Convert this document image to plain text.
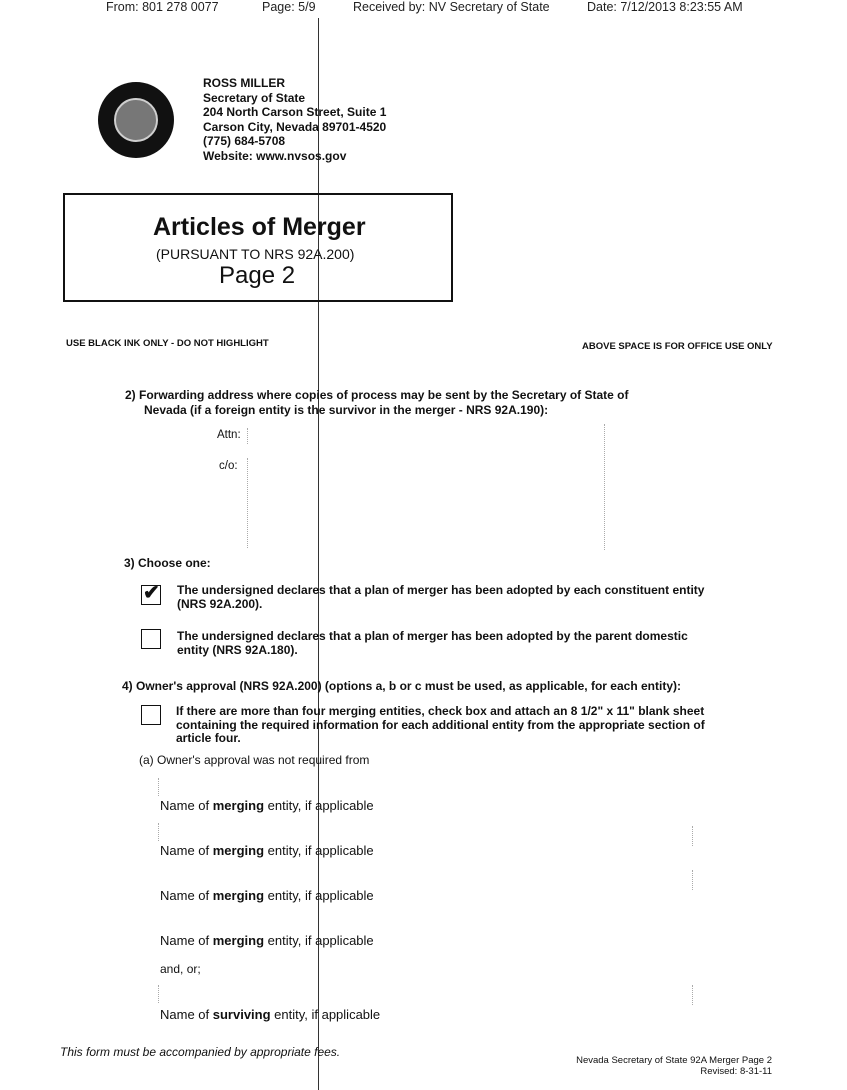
From: 801 278 0077	Page: 5/9	Received by: NV Secretary of State	Date: 7/12/2013 8:23:55 AM
ROSS MILLER
Secretary of State
204 North Carson Street, Suite 1
Carson City, Nevada 89701-4520
(775) 684-5708
Website: www.nvsos.gov
Articles of Merger
(PURSUANT TO NRS 92A.200)
Page 2
USE BLACK INK ONLY - DO NOT HIGHLIGHT	ABOVE SPACE IS FOR OFFICE USE ONLY
2) Forwarding address where copies of process may be sent by the Secretary of State of
Nevada (if a foreign entity is the survivor in the merger - NRS 92A.190):
Attn:
c/o:
3) Choose one:
✔ The undersigned declares that a plan of merger has been adopted by each constituent entity
(NRS 92A.200).
The undersigned declares that a plan of merger has been adopted by the parent domestic
entity (NRS 92A.180).
4) Owner's approval (NRS 92A.200) (options a, b or c must be used, as applicable, for each entity):
If there are more than four merging entities, check box and attach an 8 1/2" x 11" blank sheet
containing the required information for each additional entity from the appropriate section of
article four.
(a) Owner's approval was not required from
Name of merging entity, if applicable
Name of merging entity, if applicable
Name of merging entity, if applicable
Name of merging entity, if applicable
and, or;
Name of surviving entity, if applicable
This form must be accompanied by appropriate fees.
Nevada Secretary of State 92A Merger Page 2
Revised: 8-31-11
